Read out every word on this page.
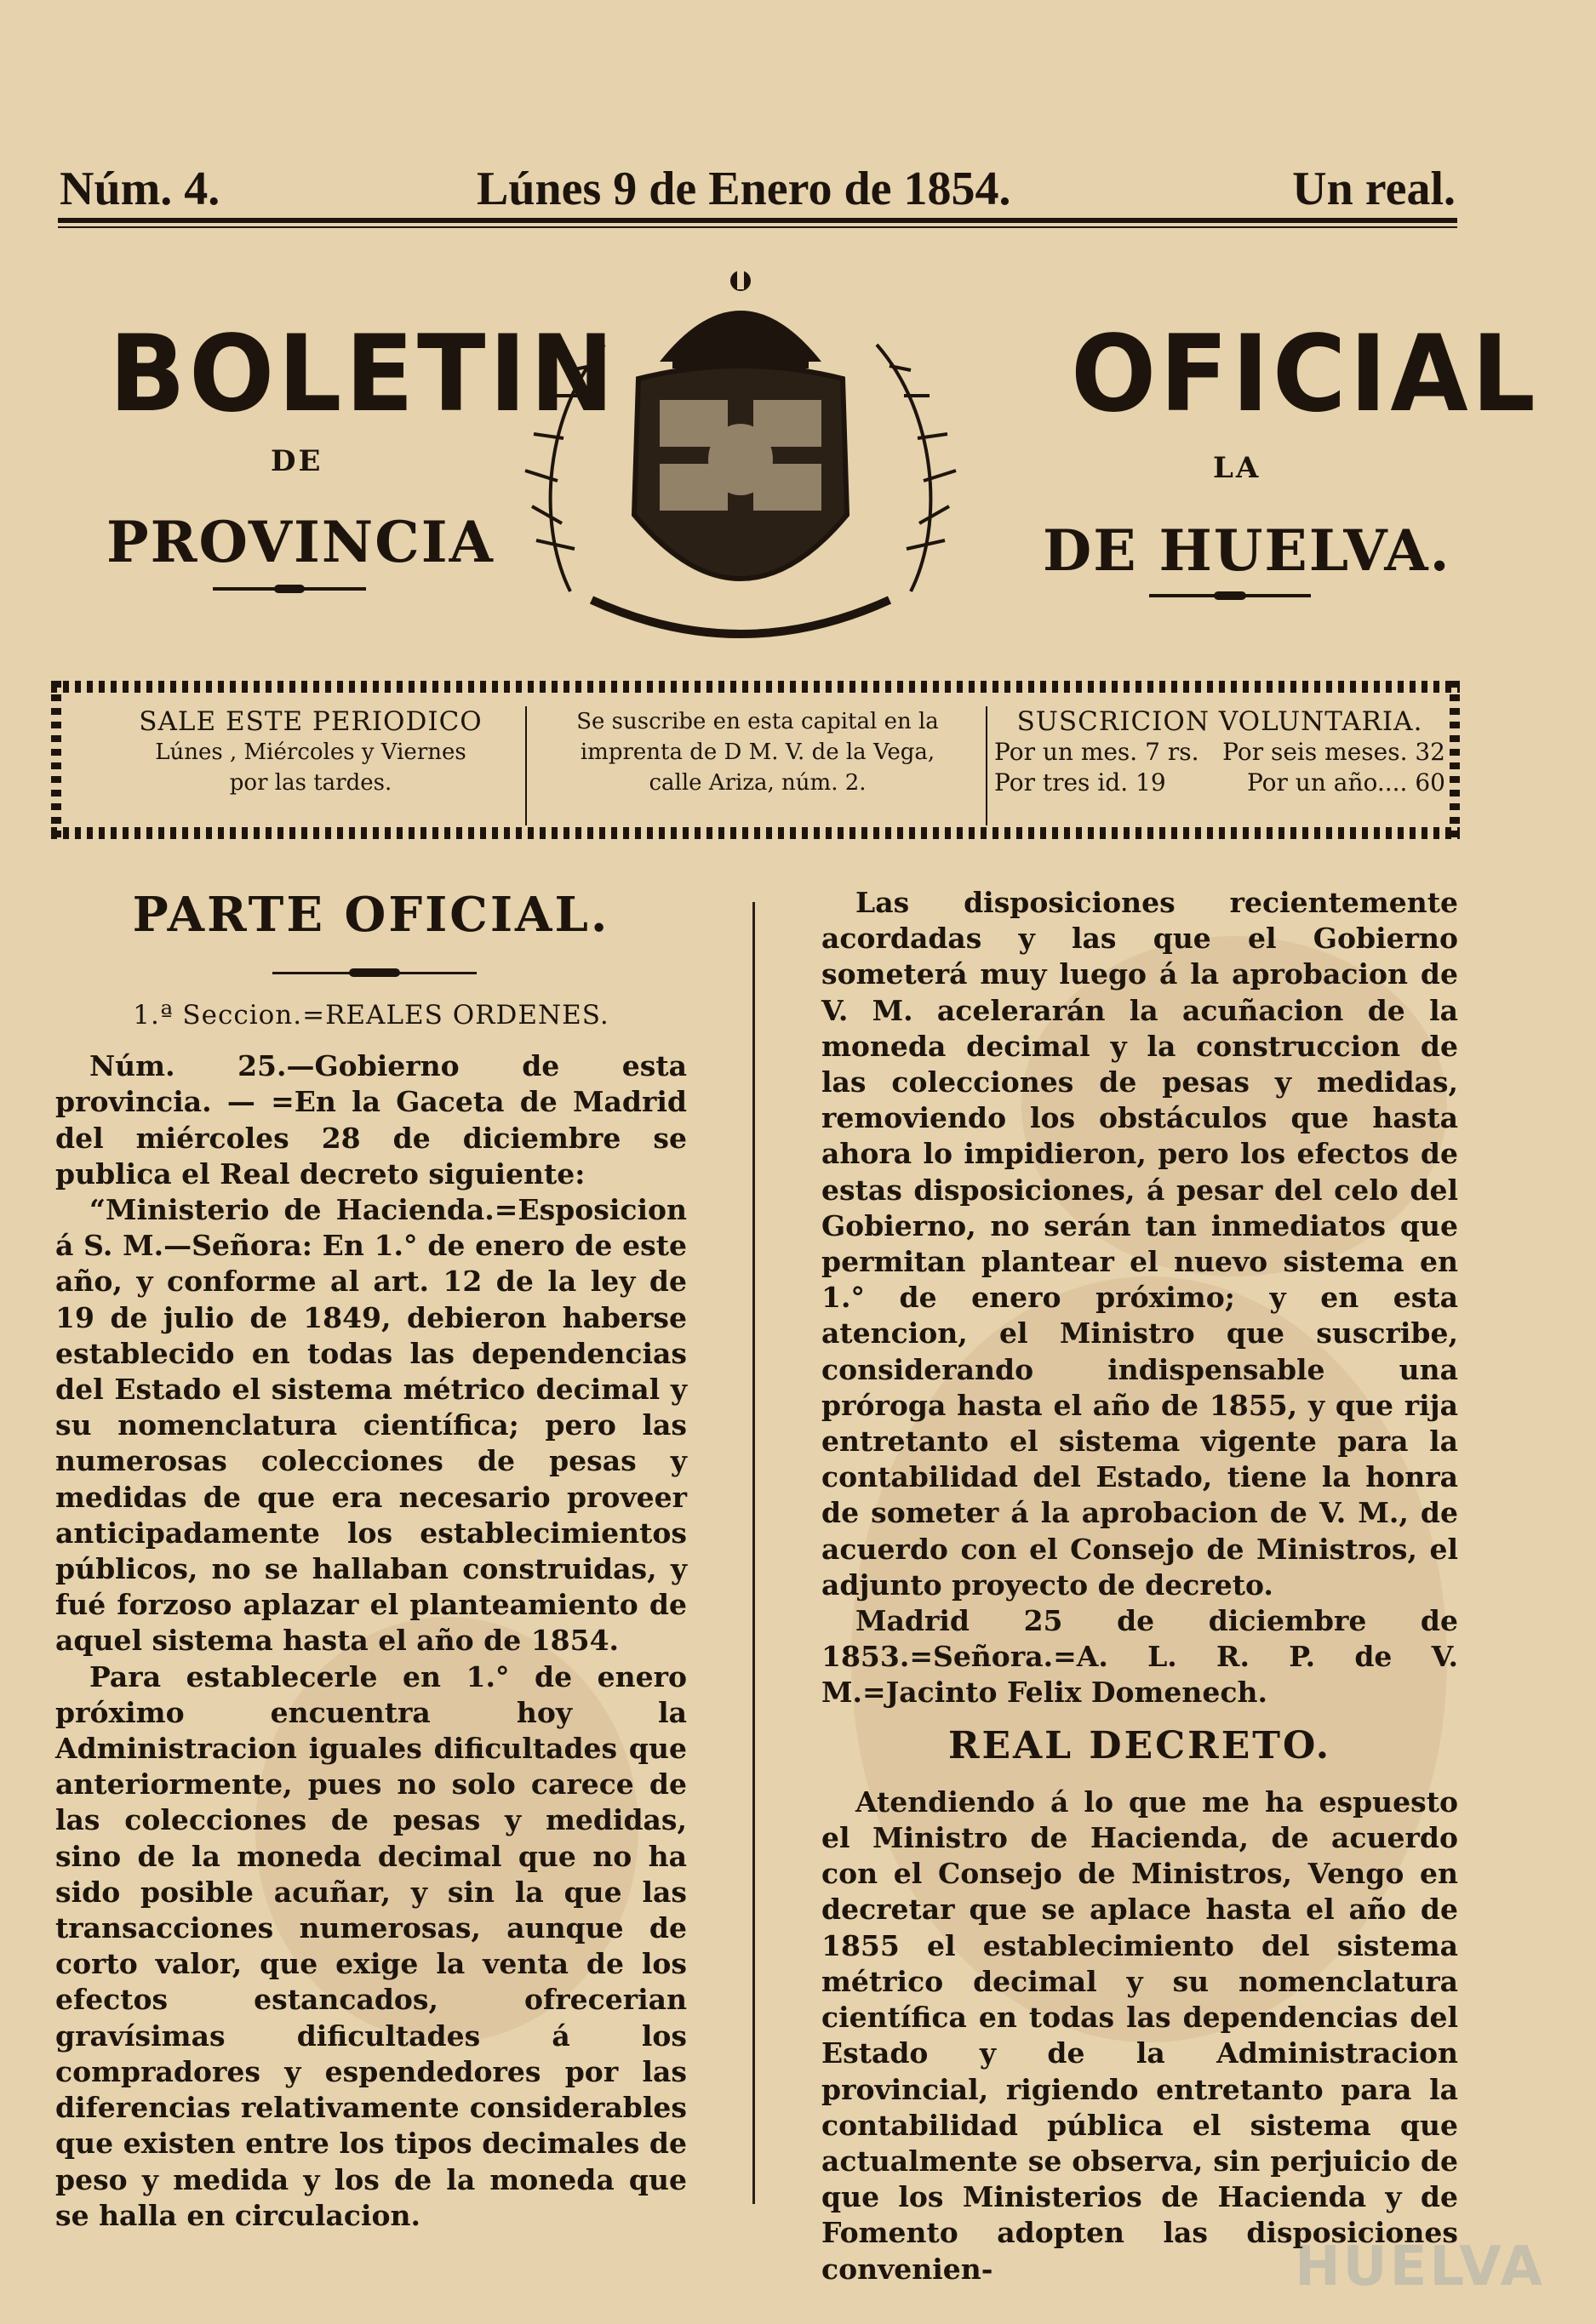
Núm. 4.	Lúnes 9 de Enero de 1854.	Un real.
BOLETIN	OFICIAL
DE	LA
PROVINCIA	DE HUELVA.
SALE ESTE PERIODICO
Lúnes , Miércoles y Viernes
por las tardes.
Se suscribe en esta capital en la
imprenta de D M. V. de la Vega,
calle Ariza, núm. 2.
SUSCRICION VOLUNTARIA.
Por un mes. 7 rs. Por seis meses. 32
Por tres id. 19	Por un año.... 60

PARTE OFICIAL.

1.ª Seccion.=REALES ORDENES.

Núm. 25.—Gobierno de esta provincia. — =En la Gaceta de Madrid del miércoles 28 de diciembre se publica el Real decreto siguiente:

“Ministerio de Hacienda.=Esposicion á S. M.—Señora: En 1.° de enero de este año, y conforme al art. 12 de la ley de 19 de julio de 1849, debieron haberse establecido en todas las dependencias del Estado el sistema métrico decimal y su nomenclatura científica; pero las numerosas colecciones de pesas y medidas de que era necesario proveer anticipadamente los establecimientos públicos, no se hallaban construidas, y fué forzoso aplazar el planteamiento de aquel sistema hasta el año de 1854.

Para establecerle en 1.° de enero próximo encuentra hoy la Administracion iguales dificultades que anteriormente, pues no solo carece de las colecciones de pesas y medidas, sino de la moneda decimal que no ha sido posible acuñar, y sin la que las transacciones numerosas, aunque de corto valor, que exige la venta de los efectos estancados, ofrecerian gravísimas dificultades á los compradores y espendedores por las diferencias relativamente considerables que existen entre los tipos decimales de peso y medida y los de la moneda que se halla en circulacion.

Las disposiciones recientemente acordadas y las que el Gobierno someterá muy luego á la aprobacion de V. M. acelerarán la acuñacion de la moneda decimal y la construccion de las colecciones de pesas y medidas, removiendo los obstáculos que hasta ahora lo impidieron, pero los efectos de estas disposiciones, á pesar del celo del Gobierno, no serán tan inmediatos que permitan plantear el nuevo sistema en 1.° de enero próximo; y en esta atencion, el Ministro que suscribe, considerando indispensable una próroga hasta el año de 1855, y que rija entretanto el sistema vigente para la contabilidad del Estado, tiene la honra de someter á la aprobacion de V. M., de acuerdo con el Consejo de Ministros, el adjunto proyecto de decreto.

Madrid 25 de diciembre de 1853.=Señora.=A. L. R. P. de V. M.=Jacinto Felix Domenech.

REAL DECRETO.

Atendiendo á lo que me ha espuesto el Ministro de Hacienda, de acuerdo con el Consejo de Ministros, Vengo en decretar que se aplace hasta el año de 1855 el establecimiento del sistema métrico decimal y su nomenclatura científica en todas las dependencias del Estado y de la Administracion provincial, rigiendo entretanto para la contabilidad pública el sistema que actualmente se observa, sin perjuicio de que los Ministerios de Hacienda y de Fomento adopten las disposiciones convenien-	HUELVA
